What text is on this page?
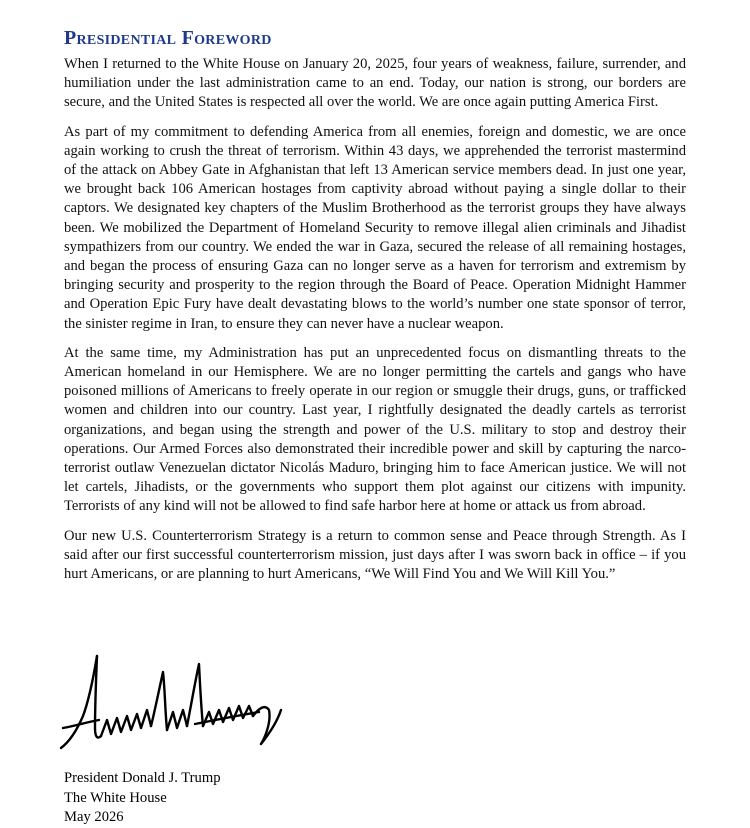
Presidential Foreword

When I returned to the White House on January 20, 2025, four years of weakness, failure, surrender, and humiliation under the last administration came to an end. Today, our nation is strong, our borders are secure, and the United States is respected all over the world. We are once again putting America First.

As part of my commitment to defending America from all enemies, foreign and domestic, we are once again working to crush the threat of terrorism. Within 43 days, we apprehended the terrorist mastermind of the attack on Abbey Gate in Afghanistan that left 13 American service members dead. In just one year, we brought back 106 American hostages from captivity abroad without paying a single dollar to their captors. We designated key chapters of the Muslim Brotherhood as the terrorist groups they have always been. We mobilized the Department of Homeland Security to remove illegal alien criminals and Jihadist sympathizers from our country. We ended the war in Gaza, secured the release of all remaining hostages, and began the process of ensuring Gaza can no longer serve as a haven for terrorism and extremism by bringing security and prosperity to the region through the Board of Peace. Operation Midnight Hammer and Operation Epic Fury have dealt devastating blows to the world’s number one state sponsor of terror, the sinister regime in Iran, to ensure they can never have a nuclear weapon.

At the same time, my Administration has put an unprecedented focus on dismantling threats to the American homeland in our Hemisphere. We are no longer permitting the cartels and gangs who have poisoned millions of Americans to freely operate in our region or smuggle their drugs, guns, or trafficked women and children into our country. Last year, I rightfully designated the deadly cartels as terrorist organizations, and began using the strength and power of the U.S. military to stop and destroy their operations. Our Armed Forces also demonstrated their incredible power and skill by capturing the narco-terrorist outlaw Venezuelan dictator Nicolás Maduro, bringing him to face American justice. We will not let cartels, Jihadists, or the governments who support them plot against our citizens with impunity. Terrorists of any kind will not be allowed to find safe harbor here at home or attack us from abroad.

Our new U.S. Counterterrorism Strategy is a return to common sense and Peace through Strength. As I said after our first successful counterterrorism mission, just days after I was sworn back in office – if you hurt Americans, or are planning to hurt Americans, “We Will Find You and We Will Kill You.”

President Donald J. Trump
The White House
May 2026
